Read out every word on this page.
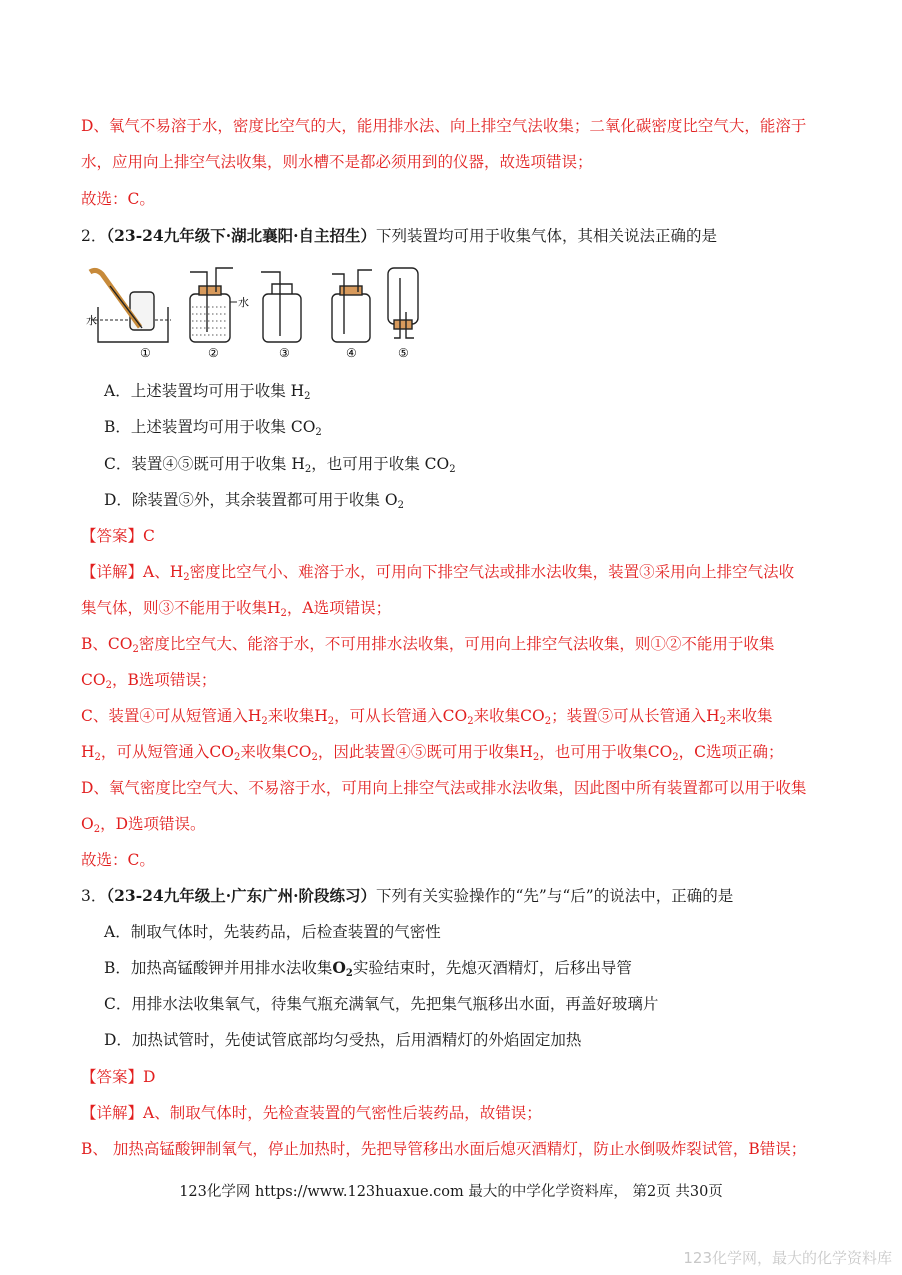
D、氧气不易溶于水，密度比空气的大，能用排水法、向上排空气法收集；二氧化碳密度比空气大，能溶于
水，应用向上排空气法收集，则水槽不是都必须用到的仪器，故选项错误；
故选：C。
2．（23-24九年级下·湖北襄阳·自主招生）下列装置均可用于收集气体，其相关说法正确的是
水
水
①	②	③	④	⑤
A．上述装置均可用于收集 $H_2$
B．上述装置均可用于收集 $CO_2$
C．装置④⑤既可用于收集 $H_2$，也可用于收集 $CO_2$
D．除装置⑤外，其余装置都可用于收集 $O_2$
【答案】C
【详解】A、$H_2$密度比空气小、难溶于水，可用向下排空气法或排水法收集，装置③采用向上排空气法收
集气体，则③不能用于收集$H_2$，A选项错误；
B、$CO_2$密度比空气大、能溶于水，不可用排水法收集，可用向上排空气法收集，则①②不能用于收集
$CO_2$，B选项错误；
C、装置④可从短管通入$H_2$来收集$H_2$，可从长管通入$CO_2$来收集$CO_2$；装置⑤可从长管通入$H_2$来收集
$H_2$，可从短管通入$CO_2$来收集$CO_2$，因此装置④⑤既可用于收集$H_2$，也可用于收集$CO_2$，C选项正确；
D、氧气密度比空气大、不易溶于水，可用向上排空气法或排水法收集，因此图中所有装置都可以用于收集
$O_2$，D选项错误。
故选：C。
3．（23-24九年级上·广东广州·阶段练习）下列有关实验操作的“先”与“后”的说法中，正确的是
A．制取气体时，先装药品，后检查装置的气密性
B．加热高锰酸钾并用排水法收集$O_2$实验结束时，先熄灭酒精灯，后移出导管
C．用排水法收集氧气，待集气瓶充满氧气，先把集气瓶移出水面，再盖好玻璃片
D．加热试管时，先使试管底部均匀受热，后用酒精灯的外焰固定加热
【答案】D
【详解】A、制取气体时，先检查装置的气密性后装药品，故错误；
B、 加热高锰酸钾制氧气，停止加热时，先把导管移出水面后熄灭酒精灯，防止水倒吸炸裂试管，B错误；
123化学网 https://www.123huaxue.com 最大的中学化学资料库， 第2页 共30页
123化学网，最大的化学资料库
